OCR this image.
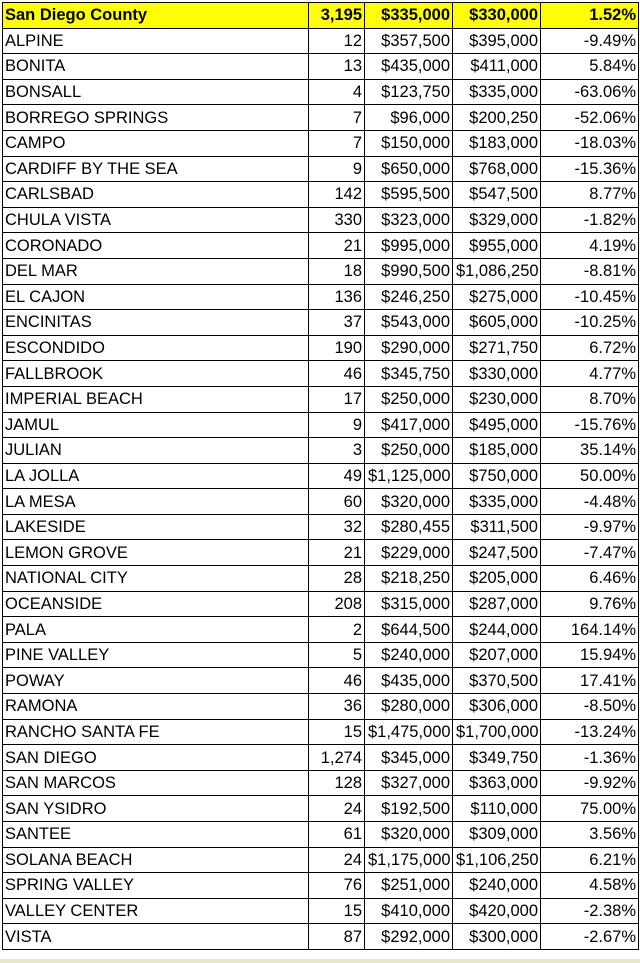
San Diego County	3,195	$335,000	$330,000	1.52%
ALPINE	12	$357,500	$395,000	-9.49%
BONITA	13	$435,000	$411,000	5.84%
BONSALL	4	$123,750	$335,000	-63.06%
BORREGO SPRINGS	7	$96,000	$200,250	-52.06%
CAMPO	7	$150,000	$183,000	-18.03%
CARDIFF BY THE SEA	9	$650,000	$768,000	-15.36%
CARLSBAD	142	$595,500	$547,500	8.77%
CHULA VISTA	330	$323,000	$329,000	-1.82%
CORONADO	21	$995,000	$955,000	4.19%
DEL MAR	18	$990,500	$1,086,250	-8.81%
EL CAJON	136	$246,250	$275,000	-10.45%
ENCINITAS	37	$543,000	$605,000	-10.25%
ESCONDIDO	190	$290,000	$271,750	6.72%
FALLBROOK	46	$345,750	$330,000	4.77%
IMPERIAL BEACH	17	$250,000	$230,000	8.70%
JAMUL	9	$417,000	$495,000	-15.76%
JULIAN	3	$250,000	$185,000	35.14%
LA JOLLA	49	$1,125,000	$750,000	50.00%
LA MESA	60	$320,000	$335,000	-4.48%
LAKESIDE	32	$280,455	$311,500	-9.97%
LEMON GROVE	21	$229,000	$247,500	-7.47%
NATIONAL CITY	28	$218,250	$205,000	6.46%
OCEANSIDE	208	$315,000	$287,000	9.76%
PALA	2	$644,500	$244,000	164.14%
PINE VALLEY	5	$240,000	$207,000	15.94%
POWAY	46	$435,000	$370,500	17.41%
RAMONA	36	$280,000	$306,000	-8.50%
RANCHO SANTA FE	15	$1,475,000	$1,700,000	-13.24%
SAN DIEGO	1,274	$345,000	$349,750	-1.36%
SAN MARCOS	128	$327,000	$363,000	-9.92%
SAN YSIDRO	24	$192,500	$110,000	75.00%
SANTEE	61	$320,000	$309,000	3.56%
SOLANA BEACH	24	$1,175,000	$1,106,250	6.21%
SPRING VALLEY	76	$251,000	$240,000	4.58%
VALLEY CENTER	15	$410,000	$420,000	-2.38%
VISTA	87	$292,000	$300,000	-2.67%
